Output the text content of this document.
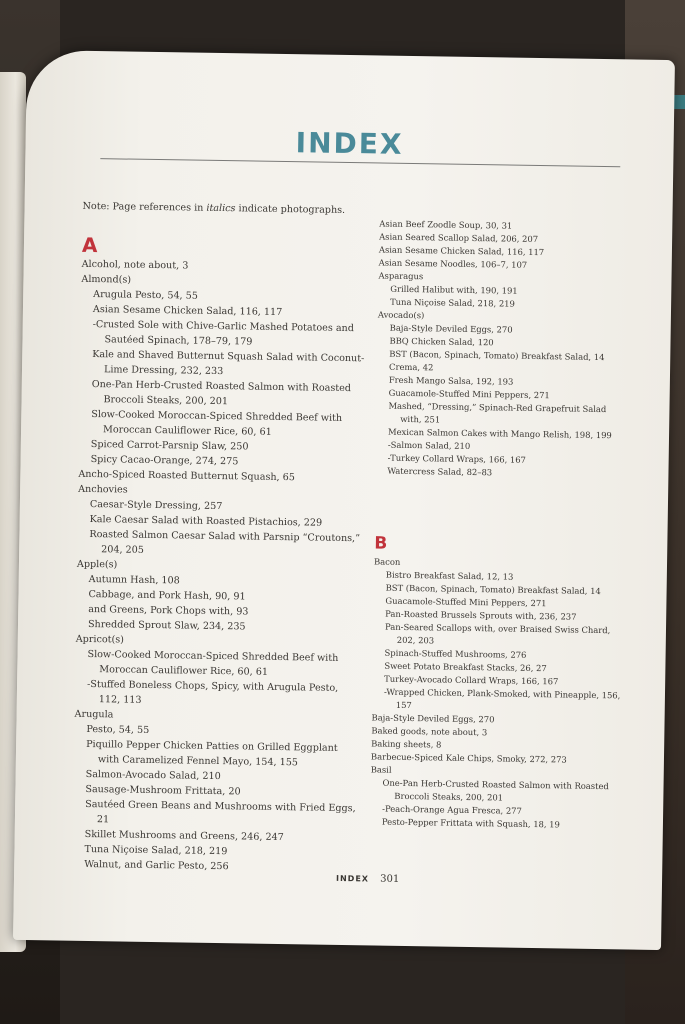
INDEX
Note: Page references in italics indicate photographs.
A
Alcohol, note about, 3
Almond(s)
Arugula Pesto, 54, 55
Asian Sesame Chicken Salad, 116, 117
-Crusted Sole with Chive-Garlic Mashed Potatoes and
Sautéed Spinach, 178–79, 179
Kale and Shaved Butternut Squash Salad with Coconut-
Lime Dressing, 232, 233
One-Pan Herb-Crusted Roasted Salmon with Roasted
Broccoli Steaks, 200, 201
Slow-Cooked Moroccan-Spiced Shredded Beef with
Moroccan Cauliflower Rice, 60, 61
Spiced Carrot-Parsnip Slaw, 250
Spicy Cacao-Orange, 274, 275
Ancho-Spiced Roasted Butternut Squash, 65
Anchovies
Caesar-Style Dressing, 257
Kale Caesar Salad with Roasted Pistachios, 229
Roasted Salmon Caesar Salad with Parsnip “Croutons,”
204, 205
Apple(s)
Autumn Hash, 108
Cabbage, and Pork Hash, 90, 91
and Greens, Pork Chops with, 93
Shredded Sprout Slaw, 234, 235
Apricot(s)
Slow-Cooked Moroccan-Spiced Shredded Beef with
Moroccan Cauliflower Rice, 60, 61
-Stuffed Boneless Chops, Spicy, with Arugula Pesto,
112, 113
Arugula
Pesto, 54, 55
Piquillo Pepper Chicken Patties on Grilled Eggplant
with Caramelized Fennel Mayo, 154, 155
Salmon-Avocado Salad, 210
Sausage-Mushroom Frittata, 20
Sautéed Green Beans and Mushrooms with Fried Eggs,
21
Skillet Mushrooms and Greens, 246, 247
Tuna Niçoise Salad, 218, 219
Walnut, and Garlic Pesto, 256
Asian Beef Zoodle Soup, 30, 31
Asian Seared Scallop Salad, 206, 207
Asian Sesame Chicken Salad, 116, 117
Asian Sesame Noodles, 106–7, 107
Asparagus
Grilled Halibut with, 190, 191
Tuna Niçoise Salad, 218, 219
Avocado(s)
Baja-Style Deviled Eggs, 270
BBQ Chicken Salad, 120
BST (Bacon, Spinach, Tomato) Breakfast Salad, 14
Crema, 42
Fresh Mango Salsa, 192, 193
Guacamole-Stuffed Mini Peppers, 271
Mashed, “Dressing,” Spinach-Red Grapefruit Salad
with, 251
Mexican Salmon Cakes with Mango Relish, 198, 199
-Salmon Salad, 210
-Turkey Collard Wraps, 166, 167
Watercress Salad, 82–83
B
Bacon
Bistro Breakfast Salad, 12, 13
BST (Bacon, Spinach, Tomato) Breakfast Salad, 14
Guacamole-Stuffed Mini Peppers, 271
Pan-Roasted Brussels Sprouts with, 236, 237
Pan-Seared Scallops with, over Braised Swiss Chard,
202, 203
Spinach-Stuffed Mushrooms, 276
Sweet Potato Breakfast Stacks, 26, 27
Turkey-Avocado Collard Wraps, 166, 167
-Wrapped Chicken, Plank-Smoked, with Pineapple, 156,
157
Baja-Style Deviled Eggs, 270
Baked goods, note about, 3
Baking sheets, 8
Barbecue-Spiced Kale Chips, Smoky, 272, 273
Basil
One-Pan Herb-Crusted Roasted Salmon with Roasted
Broccoli Steaks, 200, 201
-Peach-Orange Agua Fresca, 277
Pesto-Pepper Frittata with Squash, 18, 19
INDEX 301
